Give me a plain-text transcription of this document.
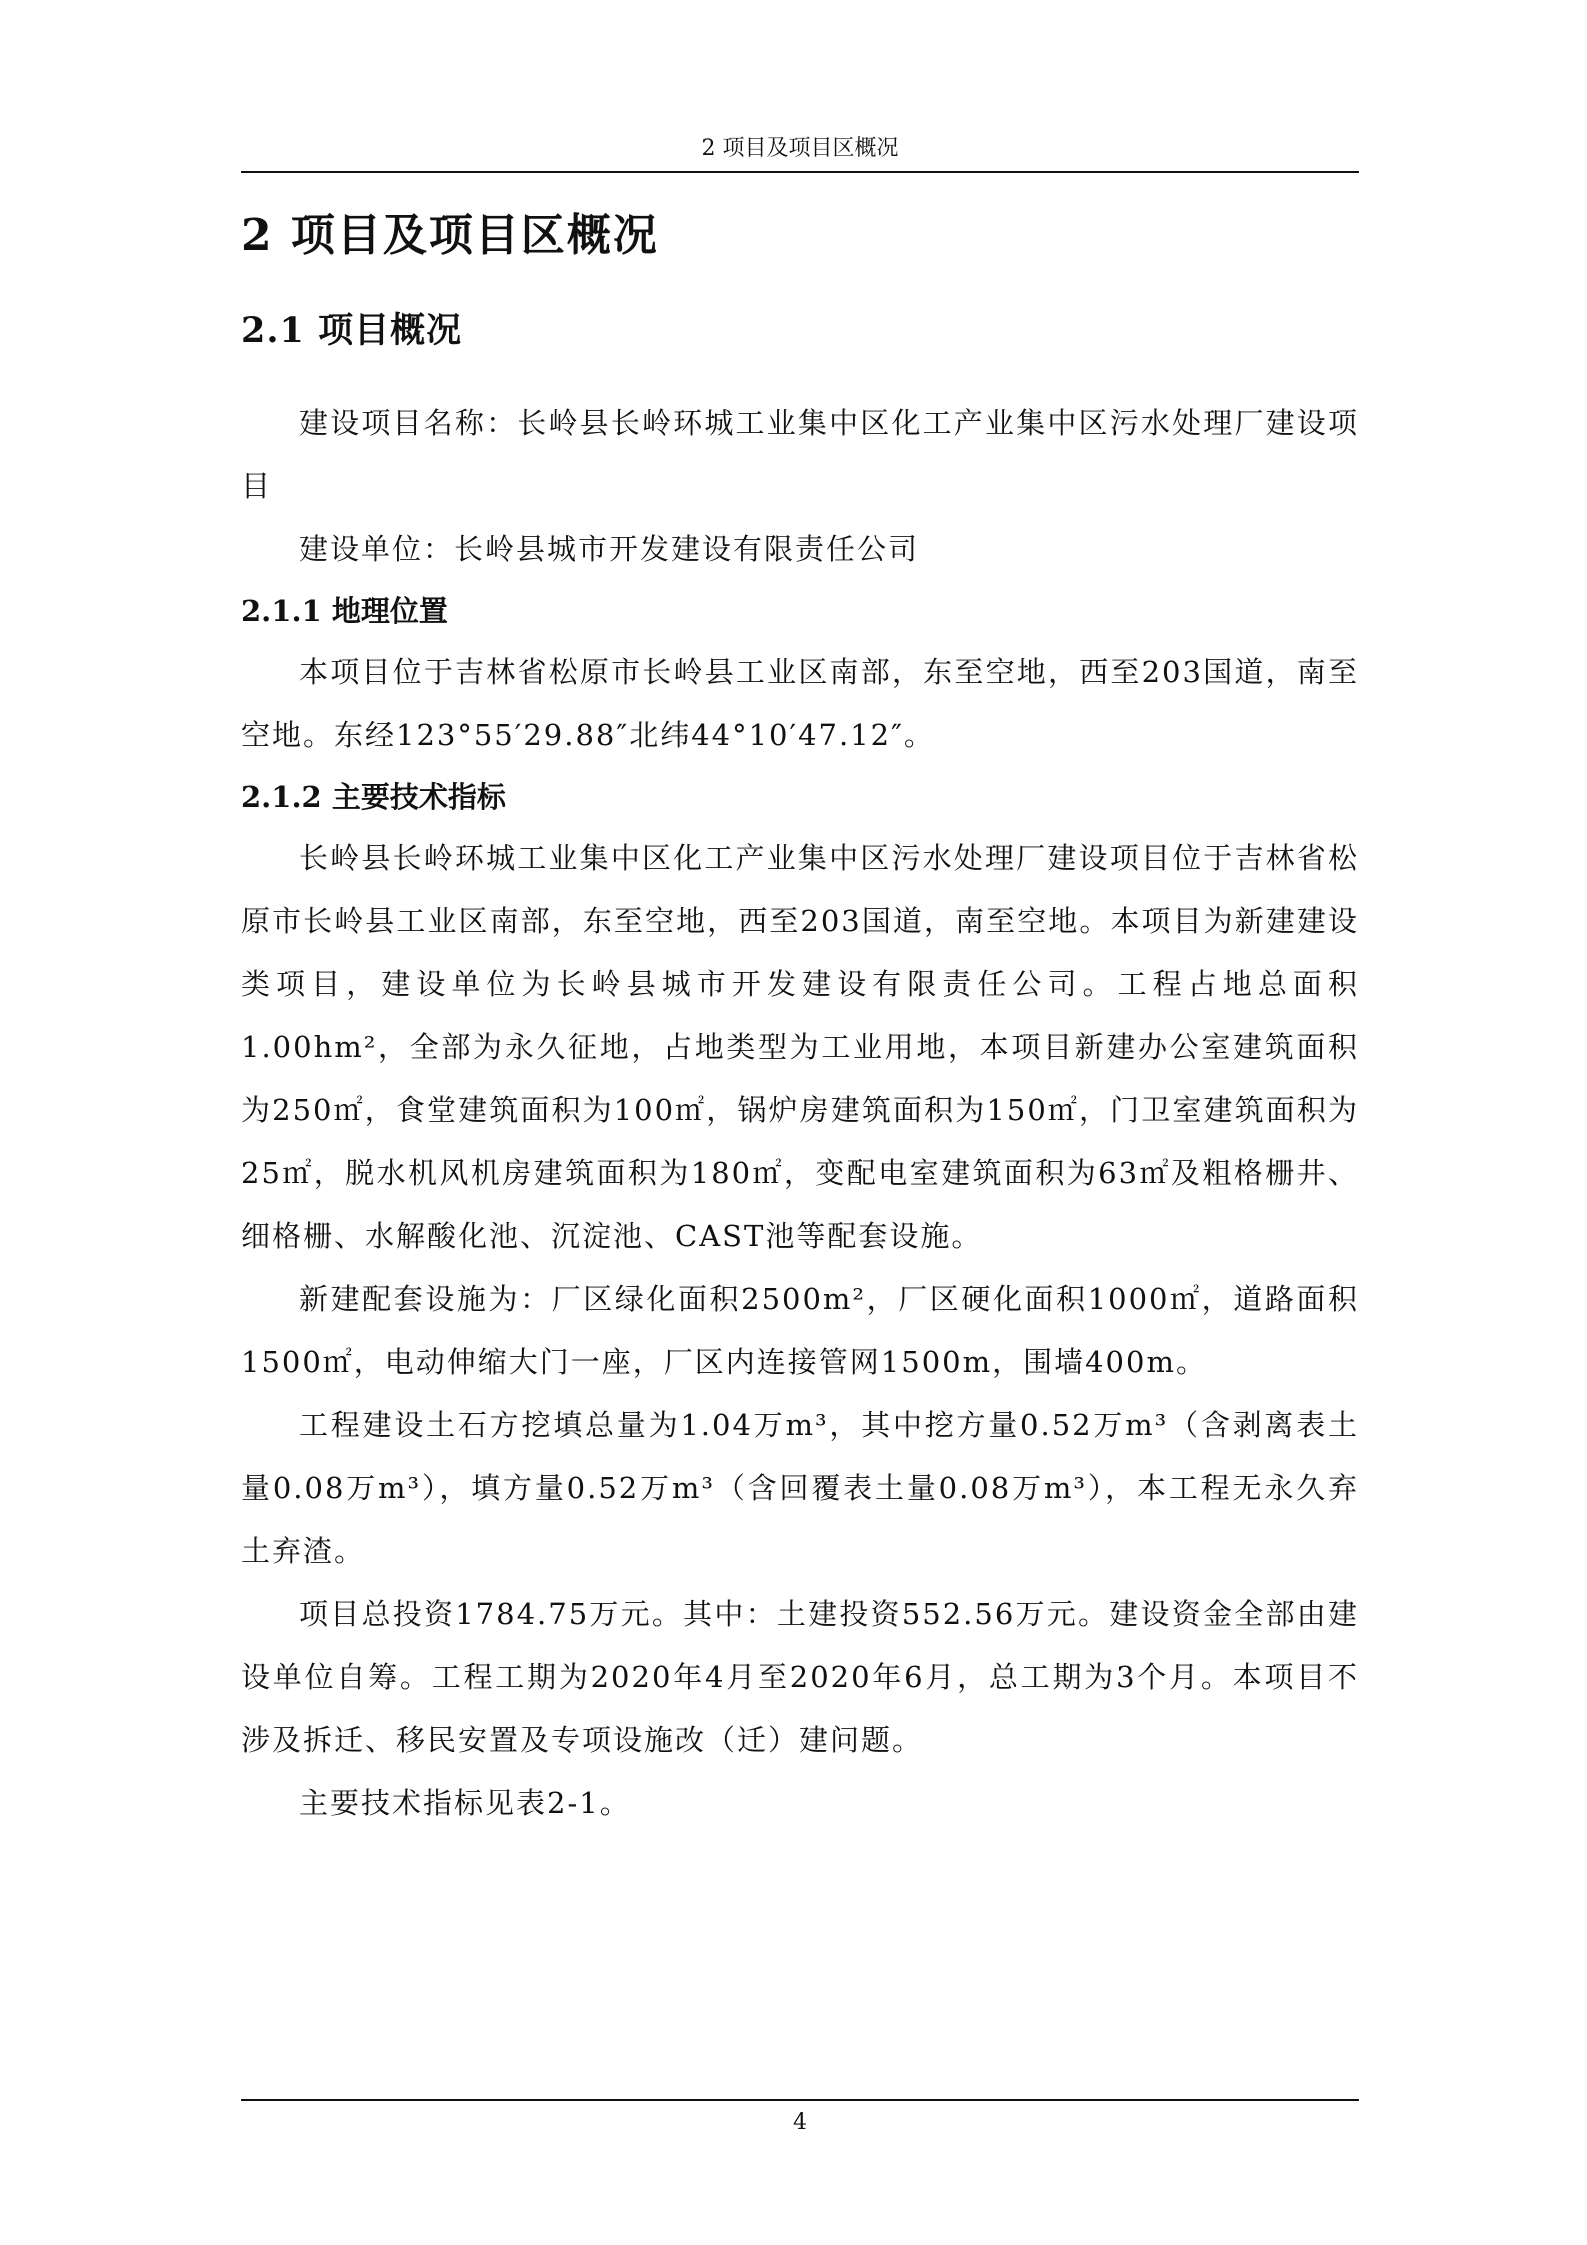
2 项目及项目区概况
2 项目及项目区概况
2.1 项目概况

建设项目名称：长岭县长岭环城工业集中区化工产业集中区污水处理厂建设项目

建设单位：长岭县城市开发建设有限责任公司

2.1.1 地理位置

本项目位于吉林省松原市长岭县工业区南部，东至空地，西至203国道，南至空地。东经123°55′29.88″北纬44°10′47.12″。

2.1.2 主要技术指标

长岭县长岭环城工业集中区化工产业集中区污水处理厂建设项目位于吉林省松原市长岭县工业区南部，东至空地，西至203国道，南至空地。本项目为新建建设类项目，建设单位为长岭县城市开发建设有限责任公司。工程占地总面积1.00hm²，全部为永久征地，占地类型为工业用地，本项目新建办公室建筑面积为250㎡，食堂建筑面积为100㎡，锅炉房建筑面积为150㎡，门卫室建筑面积为25㎡，脱水机风机房建筑面积为180㎡，变配电室建筑面积为63㎡及粗格栅井、细格栅、水解酸化池、沉淀池、CAST池等配套设施。

新建配套设施为：厂区绿化面积2500m²，厂区硬化面积1000㎡，道路面积1500㎡，电动伸缩大门一座，厂区内连接管网1500m，围墙400m。

工程建设土石方挖填总量为1.04万m³，其中挖方量0.52万m³（含剥离表土量0.08万m³），填方量0.52万m³（含回覆表土量0.08万m³），本工程无永久弃土弃渣。

项目总投资1784.75万元。其中：土建投资552.56万元。建设资金全部由建设单位自筹。工程工期为2020年4月至2020年6月，总工期为3个月。本项目不涉及拆迁、移民安置及专项设施改（迁）建问题。

主要技术指标见表2-1。

4
